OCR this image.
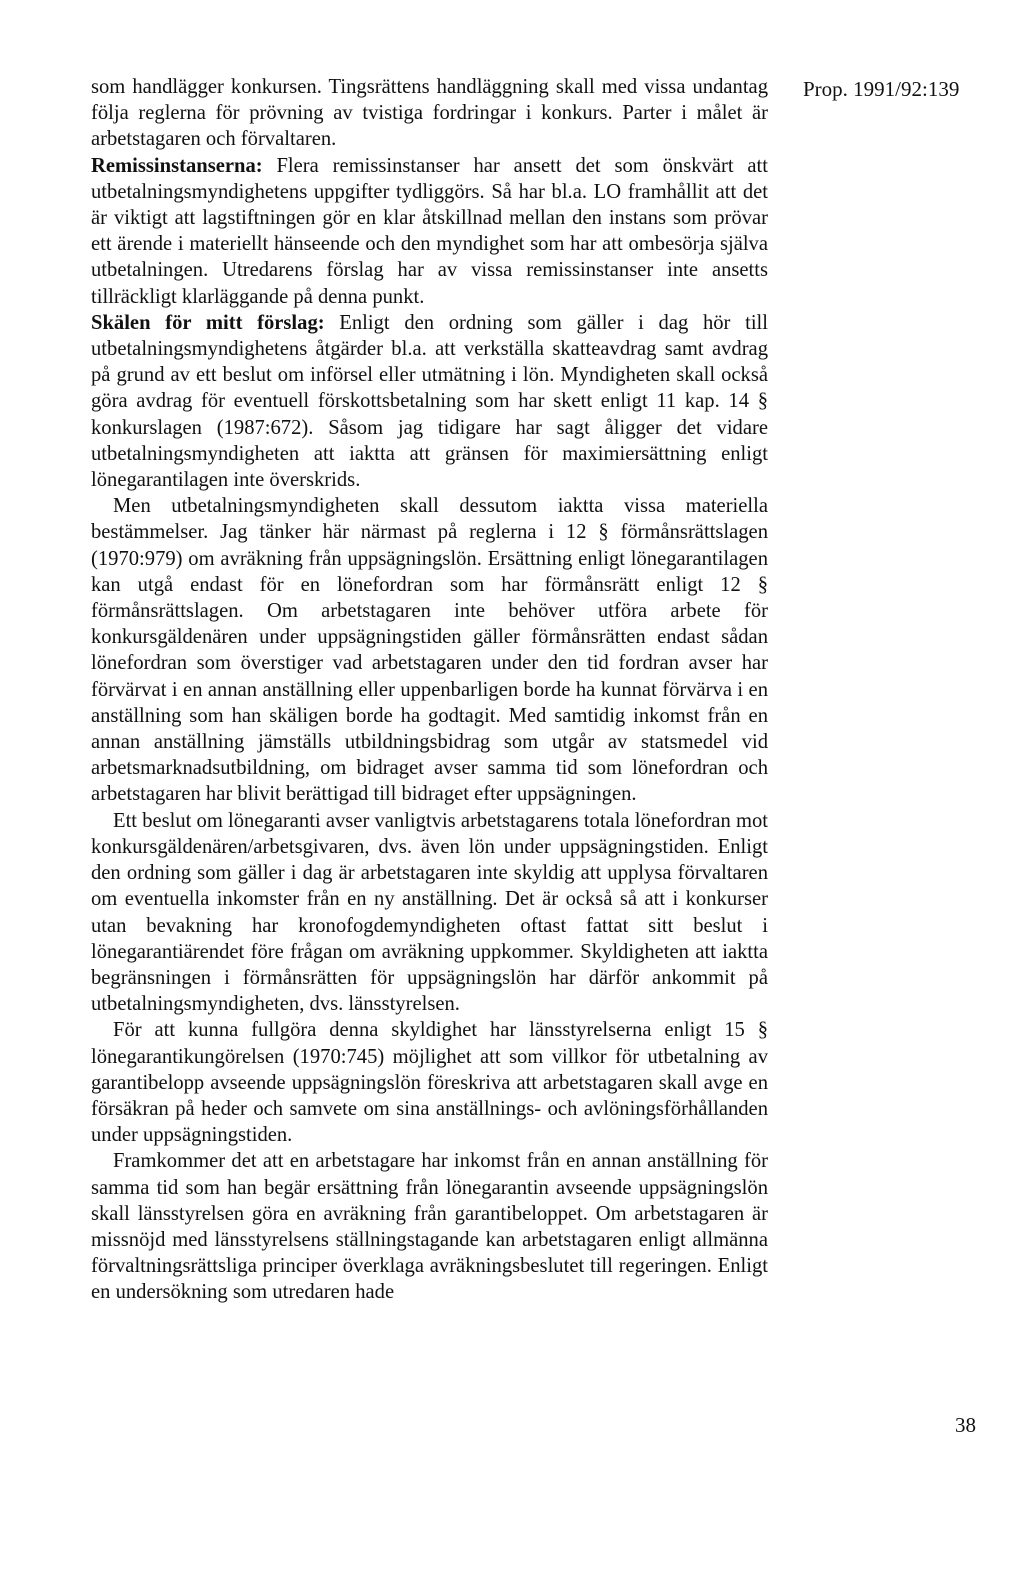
Prop. 1991/92:139

som handlägger konkursen. Tingsrättens handläggning skall med vissa undantag följa reglerna för prövning av tvistiga fordringar i konkurs. Parter i målet är arbetstagaren och förvaltaren.

Remissinstanserna: Flera remissinstanser har ansett det som önskvärt att utbetalningsmyndighetens uppgifter tydliggörs. Så har bl.a. LO framhållit att det är viktigt att lagstiftningen gör en klar åtskillnad mellan den instans som prövar ett ärende i materiellt hänseende och den myndighet som har att ombesörja själva utbetalningen. Utredarens förslag har av vissa remissinstanser inte ansetts tillräckligt klarläggande på denna punkt.

Skälen för mitt förslag: Enligt den ordning som gäller i dag hör till utbetalningsmyndighetens åtgärder bl.a. att verkställa skatteavdrag samt avdrag på grund av ett beslut om införsel eller utmätning i lön. Myndigheten skall också göra avdrag för eventuell förskottsbetalning som har skett enligt 11 kap. 14 § konkurslagen (1987:672). Såsom jag tidigare har sagt åligger det vidare utbetalningsmyndigheten att iaktta att gränsen för maximiersättning enligt lönegarantilagen inte överskrids.

Men utbetalningsmyndigheten skall dessutom iaktta vissa materiella bestämmelser. Jag tänker här närmast på reglerna i 12 § förmånsrättslagen (1970:979) om avräkning från uppsägningslön. Ersättning enligt lönegarantilagen kan utgå endast för en lönefordran som har förmånsrätt enligt 12 § förmånsrättslagen. Om arbetstagaren inte behöver utföra arbete för konkursgäldenären under uppsägningstiden gäller förmånsrätten endast sådan lönefordran som överstiger vad arbetstagaren under den tid fordran avser har förvärvat i en annan anställning eller uppenbarligen borde ha kunnat förvärva i en anställning som han skäligen borde ha godtagit. Med samtidig inkomst från en annan anställning jämställs utbildningsbidrag som utgår av statsmedel vid arbetsmarknadsutbildning, om bidraget avser samma tid som lönefordran och arbetstagaren har blivit berättigad till bidraget efter uppsägningen.

Ett beslut om lönegaranti avser vanligtvis arbetstagarens totala lönefordran mot konkursgäldenären/arbetsgivaren, dvs. även lön under uppsägningstiden. Enligt den ordning som gäller i dag är arbetstagaren inte skyldig att upplysa förvaltaren om eventuella inkomster från en ny anställning. Det är också så att i konkurser utan bevakning har kronofogdemyndigheten oftast fattat sitt beslut i lönegarantiärendet före frågan om avräkning uppkommer. Skyldigheten att iaktta begränsningen i förmånsrätten för uppsägningslön har därför ankommit på utbetalningsmyndigheten, dvs. länsstyrelsen.

För att kunna fullgöra denna skyldighet har länsstyrelserna enligt 15 § lönegarantikungörelsen (1970:745) möjlighet att som villkor för utbetalning av garantibelopp avseende uppsägningslön föreskriva att arbetstagaren skall avge en försäkran på heder och samvete om sina anställnings- och avlöningsförhållanden under uppsägningstiden.

Framkommer det att en arbetstagare har inkomst från en annan anställning för samma tid som han begär ersättning från lönegarantin avseende uppsägningslön skall länsstyrelsen göra en avräkning från garantibeloppet. Om arbetstagaren är missnöjd med länsstyrelsens ställningstagande kan arbetstagaren enligt allmänna förvaltningsrättsliga principer överklaga avräkningsbeslutet till regeringen. Enligt en undersökning som utredaren hade

38
